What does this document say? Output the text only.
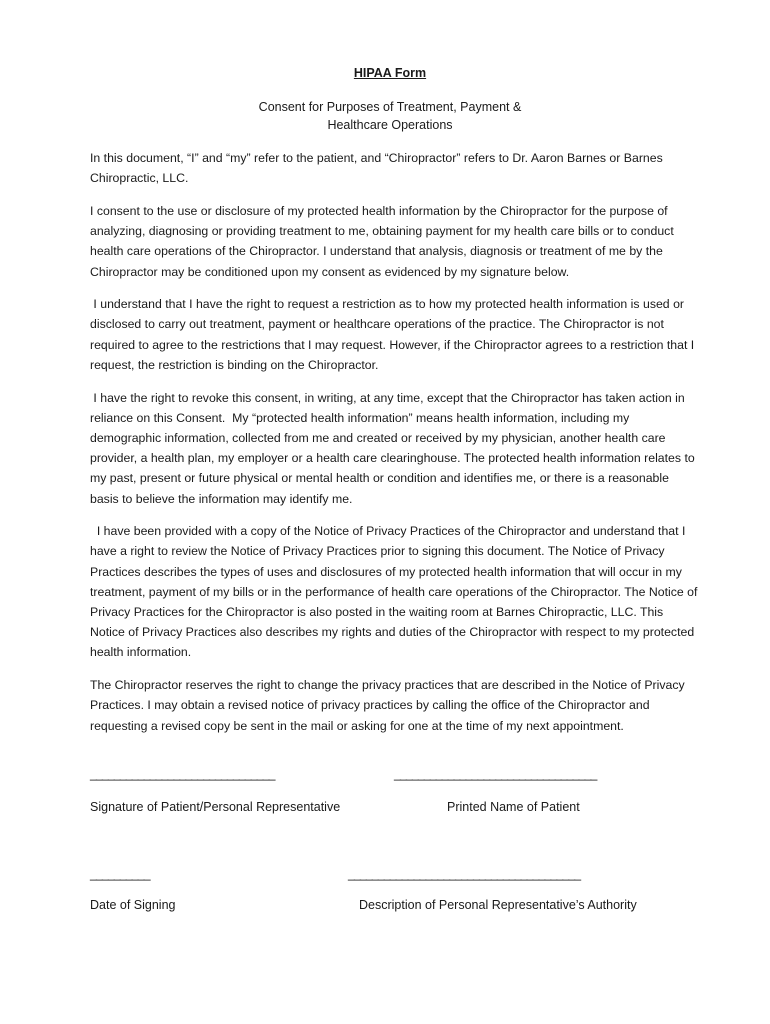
HIPAA Form
Consent for Purposes of Treatment, Payment &
Healthcare Operations

In this document, “I” and “my” refer to the patient, and “Chiropractor” refers to Dr. Aaron Barnes or Barnes Chiropractic, LLC.

I consent to the use or disclosure of my protected health information by the Chiropractor for the purpose of analyzing, diagnosing or providing treatment to me, obtaining payment for my health care bills or to conduct health care operations of the Chiropractor. I understand that analysis, diagnosis or treatment of me by the Chiropractor may be conditioned upon my consent as evidenced by my signature below.

I understand that I have the right to request a restriction as to how my protected health information is used or disclosed to carry out treatment, payment or healthcare operations of the practice. The Chiropractor is not required to agree to the restrictions that I may request. However, if the Chiropractor agrees to a restriction that I request, the restriction is binding on the Chiropractor.

I have the right to revoke this consent, in writing, at any time, except that the Chiropractor has taken action in reliance on this Consent.  My “protected health information” means health information, including my demographic information, collected from me and created or received by my physician, another health care provider, a health plan, my employer or a health care clearinghouse. The protected health information relates to my past, present or future physical or mental health or condition and identifies me, or there is a reasonable basis to believe the information may identify me.

I have been provided with a copy of the Notice of Privacy Practices of the Chiropractor and understand that I have a right to review the Notice of Privacy Practices prior to signing this document. The Notice of Privacy Practices describes the types of uses and disclosures of my protected health information that will occur in my treatment, payment of my bills or in the performance of health care operations of the Chiropractor. The Notice of Privacy Practices for the Chiropractor is also posted in the waiting room at Barnes Chiropractic, LLC. This Notice of Privacy Practices also describes my rights and duties of the Chiropractor with respect to my protected health information.

The Chiropractor reserves the right to change the privacy practices that are described in the Notice of Privacy Practices. I may obtain a revised notice of privacy practices by calling the office of the Chiropractor and requesting a revised copy be sent in the mail or asking for one at the time of my next appointment.

_______________________________	__________________________________
Signature of Patient/Personal Representative	Printed Name of Patient
__________	_______________________________________
Date of Signing	Description of Personal Representative’s Authority
